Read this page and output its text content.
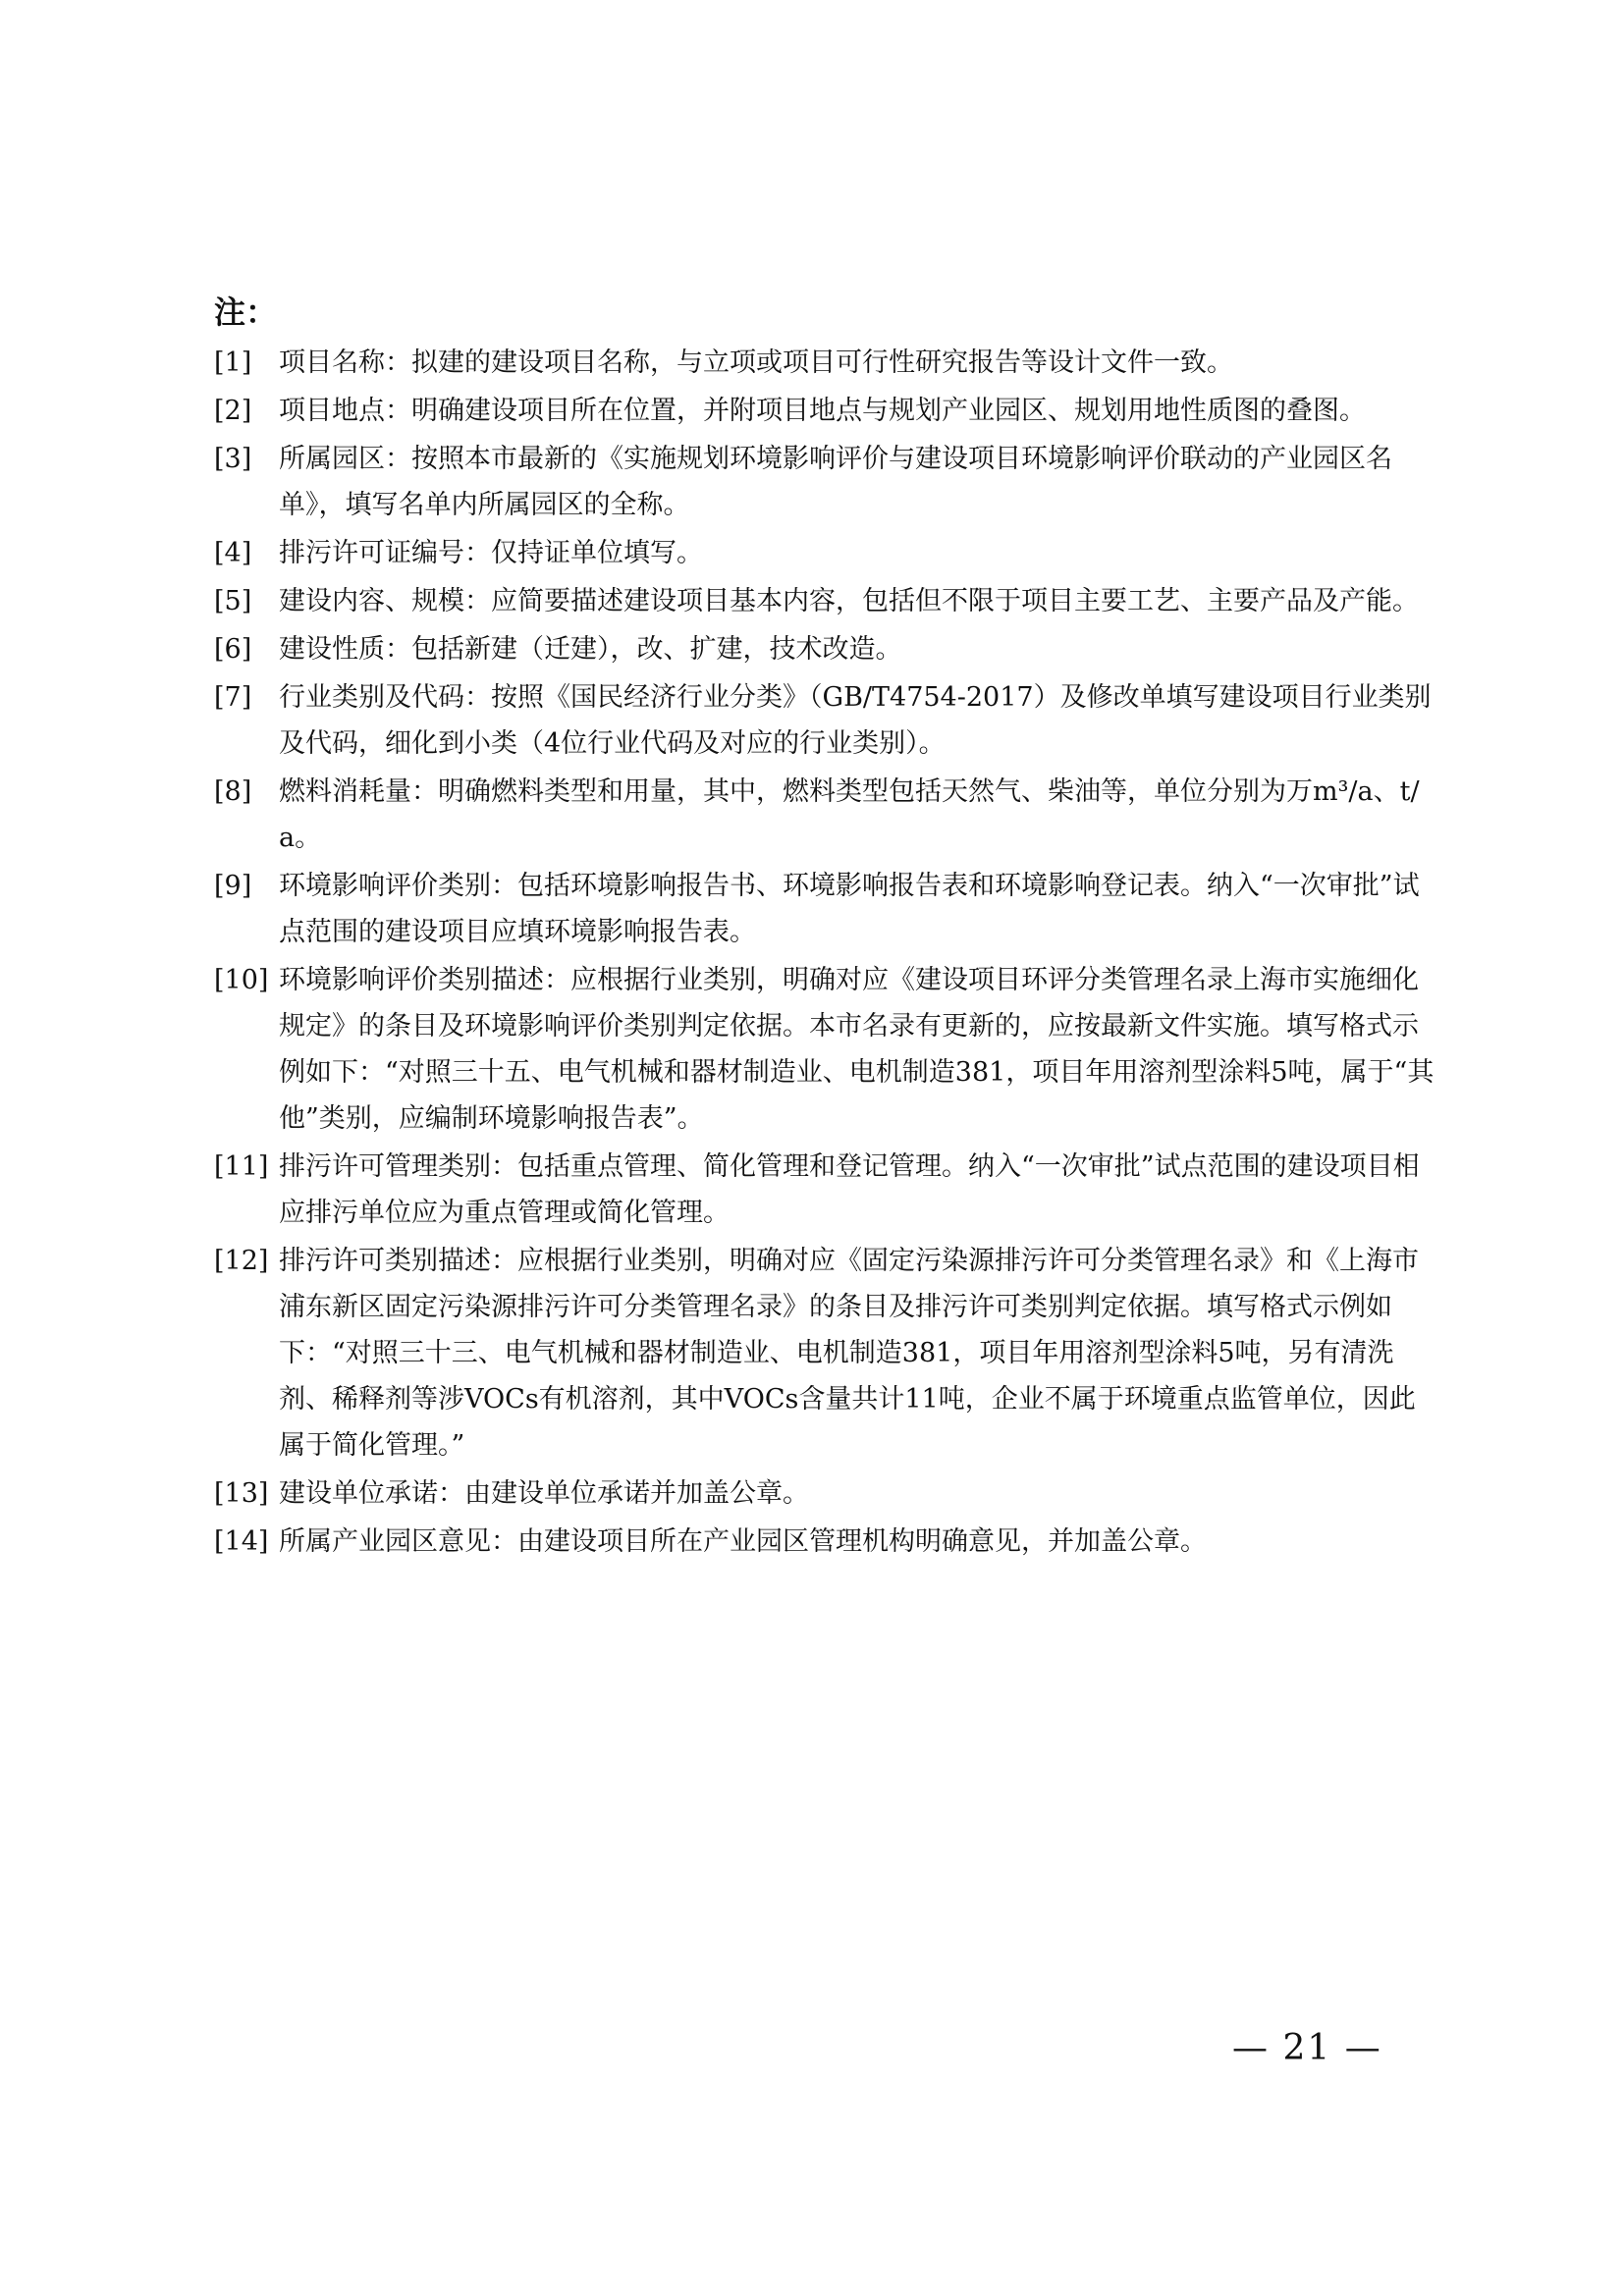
注：
[1]	项目名称：拟建的建设项目名称，与立项或项目可行性研究报告等设计文件一致。
[2]	项目地点：明确建设项目所在位置，并附项目地点与规划产业园区、规划用地性质图的叠图。
[3]	所属园区：按照本市最新的《实施规划环境影响评价与建设项目环境影响评价联动的产业园区名单》，填写名单内所属园区的全称。
[4]	排污许可证编号：仅持证单位填写。
[5]	建设内容、规模：应简要描述建设项目基本内容，包括但不限于项目主要工艺、主要产品及产能。
[6]	建设性质：包括新建（迁建），改、扩建，技术改造。
[7]	行业类别及代码：按照《国民经济行业分类》（GB/T4754-2017）及修改单填写建设项目行业类别及代码，细化到小类（4位行业代码及对应的行业类别）。
[8]	燃料消耗量：明确燃料类型和用量，其中，燃料类型包括天然气、柴油等，单位分别为万m³/a、t/a。
[9]	环境影响评价类别：包括环境影响报告书、环境影响报告表和环境影响登记表。纳入“一次审批”试点范围的建设项目应填环境影响报告表。
[10] 环境影响评价类别描述：应根据行业类别，明确对应《建设项目环评分类管理名录上海市实施细化规定》的条目及环境影响评价类别判定依据。本市名录有更新的，应按最新文件实施。填写格式示例如下：“对照三十五、电气机械和器材制造业、电机制造381，项目年用溶剂型涂料5吨，属于“其他”类别，应编制环境影响报告表”。
[11] 排污许可管理类别：包括重点管理、简化管理和登记管理。纳入“一次审批”试点范围的建设项目相应排污单位应为重点管理或简化管理。
[12] 排污许可类别描述：应根据行业类别，明确对应《固定污染源排污许可分类管理名录》和《上海市浦东新区固定污染源排污许可分类管理名录》的条目及排污许可类别判定依据。填写格式示例如下：“对照三十三、电气机械和器材制造业、电机制造381，项目年用溶剂型涂料5吨，另有清洗剂、稀释剂等涉VOCs有机溶剂，其中VOCs含量共计11吨，企业不属于环境重点监管单位，因此属于简化管理。”
[13] 建设单位承诺：由建设单位承诺并加盖公章。
[14] 所属产业园区意见：由建设项目所在产业园区管理机构明确意见，并加盖公章。
— 21 —
